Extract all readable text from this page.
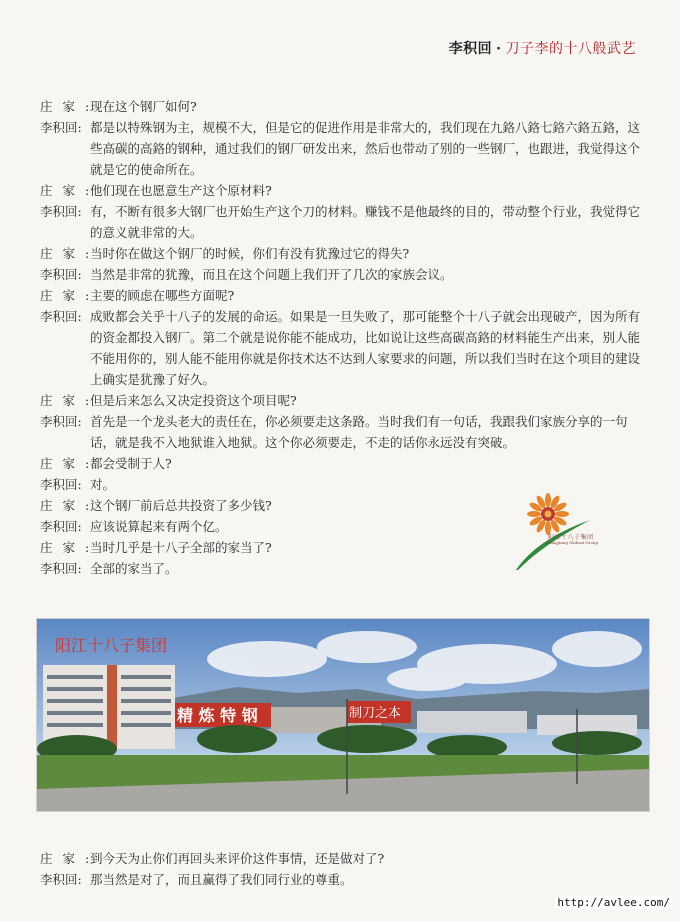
李积回 · 刀子李的十八般武艺
庄家:
现在这个钢厂如何?
李积回: 都是以特殊钢为主，规模不大，但是它的促进作用是非常大的，我们现在九鉻八鉻七鉻六鉻五鉻，这些高碳的高鉻的钢种，通过我们的钢厂研发出来，然后也带动了别的一些钢厂，也跟进，我觉得这个就是它的使命所在。
庄家:
他们现在也愿意生产这个原材料?
李积回: 有，不断有很多大钢厂也开始生产这个刀的材料。赚钱不是他最终的目的，带动整个行业，我觉得它的意义就非常的大。
庄家:
当时你在做这个钢厂的时候，你们有没有犹豫过它的得失?
李积回: 当然是非常的犹豫，而且在这个问题上我们开了几次的家族会议。
庄家:
主要的顾虑在哪些方面呢?
李积回: 成败都会关乎十八子的发展的命运。如果是一旦失败了，那可能整个十八子就会出现破产，因为所有的资金都投入钢厂。第二个就是说你能不能成功，比如说让这些高碳高鉻的材料能生产出来，别人能不能用你的，别人能不能用你就是你技术达不达到人家要求的问题，所以我们当时在这个项目的建设上确实是犹豫了好久。
庄家:
但是后来怎么又决定投资这个项目呢?
李积回: 首先是一个龙头老大的责任在，你必须要走这条路。当时我们有一句话，我跟我们家族分享的一句话，就是我不入地狱谁入地狱。这个你必须要走，不走的话你永远没有突破。
庄家:
都会受制于人?
李积回: 对。
庄家:
这个钢厂前后总共投资了多少钱?
李积回: 应该说算起来有两个亿。
庄家:
当时几乎是十八子全部的家当了?
李积回: 全部的家当了。
阳江十八子集团
Yangjiang Shibazi Group
阳江十八子集团
精 炼 特 钢	制刀之本
庄家:
到今天为止你们再回头来评价这件事情，还是做对了?
李积回: 那当然是对了，而且赢得了我们同行业的尊重。
http://avlee.com/
